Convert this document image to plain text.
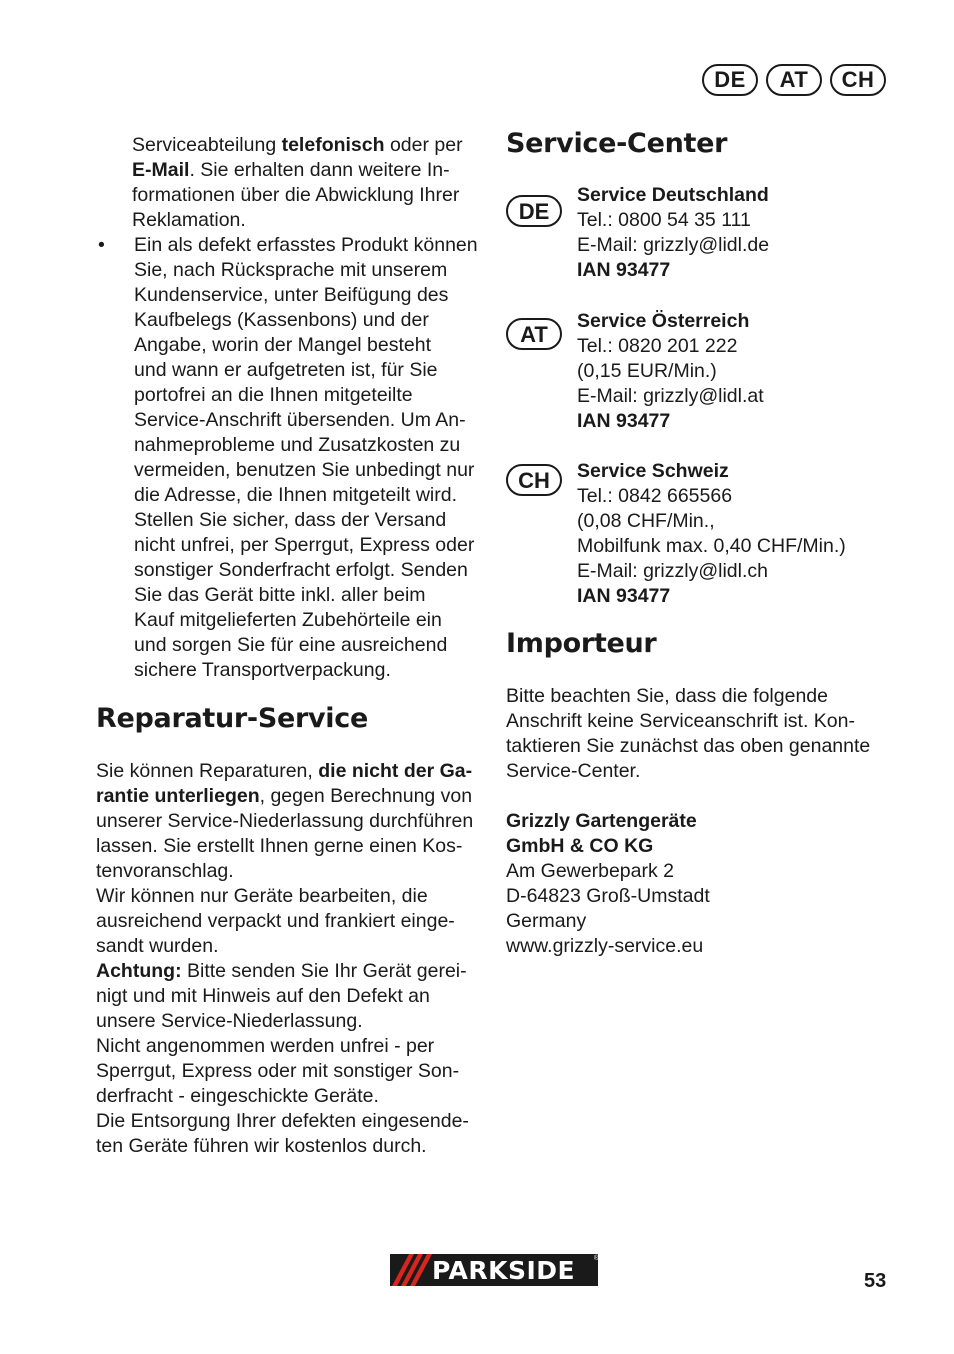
DE	AT	CH
Serviceabteilung telefonisch oder per
E-Mail. Sie erhalten dann weitere In-
formationen über die Abwicklung Ihrer
Reklamation.
•	Ein als defekt erfasstes Produkt können
Sie, nach Rücksprache mit unserem
Kundenservice, unter Beifügung des
Kaufbelegs (Kassenbons) und der
Angabe, worin der Mangel besteht
und wann er aufgetreten ist, für Sie
portofrei an die Ihnen mitgeteilte
Service-Anschrift übersenden. Um An-
nahmeprobleme und Zusatzkosten zu
vermeiden, benutzen Sie unbedingt nur
die Adresse, die Ihnen mitgeteilt wird.
Stellen Sie sicher, dass der Versand
nicht unfrei, per Sperrgut, Express oder
sonstiger Sonderfracht erfolgt. Senden
Sie das Gerät bitte inkl. aller beim
Kauf mitgelieferten Zubehörteile ein
und sorgen Sie für eine ausreichend
sichere Transportverpackung.
Reparatur-Service
Sie können Reparaturen, die nicht der Ga-
rantie unterliegen, gegen Berechnung von
unserer Service-Niederlassung durchführen
lassen. Sie erstellt Ihnen gerne einen Kos-
tenvoranschlag.
Wir können nur Geräte bearbeiten, die
ausreichend verpackt und frankiert einge-
sandt wurden.
Achtung: Bitte senden Sie Ihr Gerät gerei-
nigt und mit Hinweis auf den Defekt an
unsere Service-Niederlassung.
Nicht angenommen werden unfrei - per
Sperrgut, Express oder mit sonstiger Son-
derfracht - eingeschickte Geräte.
Die Entsorgung Ihrer defekten eingesende-
ten Geräte führen wir kostenlos durch.
Service-Center
DE
Service Deutschland
Tel.: 0800 54 35 111
E-Mail: grizzly@lidl.de
IAN 93477
AT
Service Österreich
Tel.: 0820 201 222
(0,15 EUR/Min.)
E-Mail: grizzly@lidl.at
IAN 93477
CH	Service Schweiz
Tel.: 0842 665566
(0,08 CHF/Min.,
Mobilfunk max. 0,40 CHF/Min.)
E-Mail: grizzly@lidl.ch
IAN 93477
Importeur
Bitte beachten Sie, dass die folgende
Anschrift keine Serviceanschrift ist. Kon-
taktieren Sie zunächst das oben genannte
Service-Center.
Grizzly Gartengeräte
GmbH & CO KG
Am Gewerbepark 2
D-64823 Groß-Umstadt
Germany
www.grizzly-service.eu
PARKSIDE	®
53
